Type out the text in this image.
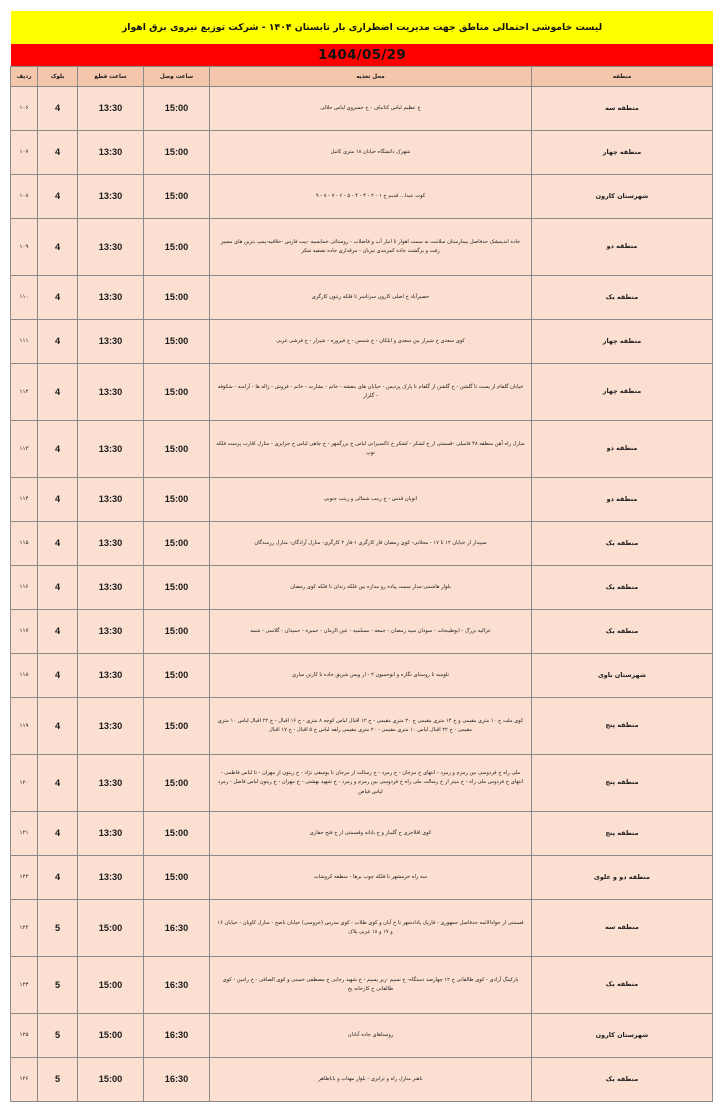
لیست خاموشی احتمالی مناطق جهت مدیریت اضطراری بار تابستان ۱۴۰۴ - شرکت توزیع نیروی برق اهواز
1404/05/29
منطقه	محل تغذیه	ساعت وصل	ساعت قطع	بلوک	ردیف
منطقه سه	خ عظیم لباس کتانباف - خ خسروی لباس حلالی	15:00	13:30	4	۱۰۶
منطقه چهار	شهرک دانشگاه خیابان ۱۸ متری کامل	15:00	13:30	4	۱۰۷
شهرستان کارون	کوت عبدا... قدیم خ ۱ - ۲ - ۳ - ۴ - ۵ - ۶ - ۷ - ۸ - ۹	15:00	13:30	4	۱۰۸
منطقه دو	جاده اندیمشک حدفاصل بیمارستان سلامت به سمت اهواز تا انبار آب و فاضلاب - روستائی خمابسیه -بیت فارس -خلافیه-پمپ بنزین های مسیر رفت و برگشت جاده کمربندی تیربان - مرقداری جاده تصفیه شکر	15:00	13:30	4	۱۰۹
منطقه یک	حصیرآباد خ اصلی کارون سرتاسر تا فلکه زیتون کارگری	15:00	13:30	4	۱۱۰
منطقه چهار	کوی سعدی خ شیراز بین سعدی و ایلکان - خ شمس - خ فیروزه - شیراز - خ فرشی غربی	15:00	13:30	4	۱۱۱
منطقه چهار	خیابان گلفام از پست تا گلشن - خ گلشن از گلفام تا پارک پردیس - خیابان های بنفشه - خاتم - بشارت - خاتم - فروش - ژاله ها - آرامنه - شکوفه - گلزار	15:00	13:30	4	۱۱۲
منطقه دو	منازل راه آهن منطقه ۴۸ فامیلی -قسمتی از خ لشکر - لشکر خ تاکسیرانی لباس خ بزرگمهر - خ چاهی لباس خ جزایری - منازل اقارب پرست فلکه توپ	15:00	13:30	4	۱۱۳
منطقه دو	اتوبان قدس - خ زینب شمالی و زینب جنوبی	15:00	13:30	4	۱۱۴
منطقه یک	سپیدار از خیابان ۱۲ تا ۱۷ - محلاتی- کوی رمضان فاز کارگری ۱-فاز ۲ کارگری- منازل آزادگان- منازل رزمندگان	15:00	13:30	4	۱۱۵
منطقه یک	بلوار هاشمی-مدار سمت پیاده رو مداره بین فلکه زندان تا فلکه کوی رمضان	15:00	13:30	4	۱۱۶
منطقه یک	غزالیه بزرگ - ابوطبیحات - سودان سید رمضان - جمعه - مسلمیه - عین الزمان - حمیره - حمیدان - گلاسی - شمه	15:00	13:30	4	۱۱۷
شهرستان باوی	تلومبه تا روستای نگاره و ابوحمیون ۲ - از ویس شریق جاده تا کارتن سازی	15:00	13:30	4	۱۱۸
منطقه پنج	کوی ملت خ ۱۰ متری مقیمی و خ ۱۴ متری مقیمی خ ۲۰ متری مقیمی - خ ۱۲ اقبال لباس کوچه ۸ متری - خ ۱۶ اقبال - خ ۲۲ اقبال لباس ۱۰ متری مقیمی - خ ۲۲ اقبال لباس ۱۰ متری مقیمی - ۲۰ متری مقیمی زلفه لباس خ ۵ اقبال - خ ۱۷ اقبال	15:00	13:30	4	۱۱۹
منطقه پنج	ملی راه خ فردوسی بین زمزم و زمرد - انتهای خ مرجان - خ زمرد - خ رسالت از مرجان تا یوسفی نژاد - خ زیتون از مهران - تا لباس فاطمی - انتهای خ فردوس ملی راه - خ میتر از خ رسالت ملی راه خ فردوسی بین زمزم و زمرد - خ شهید بهشتی - خ مهران - خ زیتون لباس فاضل - زمرد لباس فیاض	15:00	13:30	4	۱۲۰
منطقه پنج	کوی افلاجزی خ گلیبار و خ بابانه وقسمتی از خ فتح حفاری	15:00	13:30	4	۱۲۱
منطقه دو و علوی	سه راه خرمشهر تا فلکه چوب برها - منطقه کروشات	15:00	13:30	4	۱۲۲
منطقه سه	قسمتی از جوادالائمه حدفاصل جمهوری - فازیک پادادشهر تا خ آبان و کوی طلاب - کوی مدرس (خروسی) خیابان ناصح - منازل کاویان - خیابان ۱۶ و ۱۷ و ۱۸ غربی پلاک	16:30	15:00	5	۱۲۳
منطقه یک	پارکینگ آزادی - کوی طالقانی خ ۱۲ چهارصد دستگاه- خ نسیم -زیر پسیم - خ شهید رجایی خ مصطفی خمینی و کوی الصافی - خ رامین - کوی طالقانی خ کارخانه یخ	16:30	15:00	5	۱۲۴
شهرستان کارون	روستاهای جاده آبادان	16:30	15:00	5	۱۲۵
منطقه یک	باهنر منازل راه و ترابری - بلوار مهتاب و باباطاهر	16:30	15:00	5	۱۲۶
